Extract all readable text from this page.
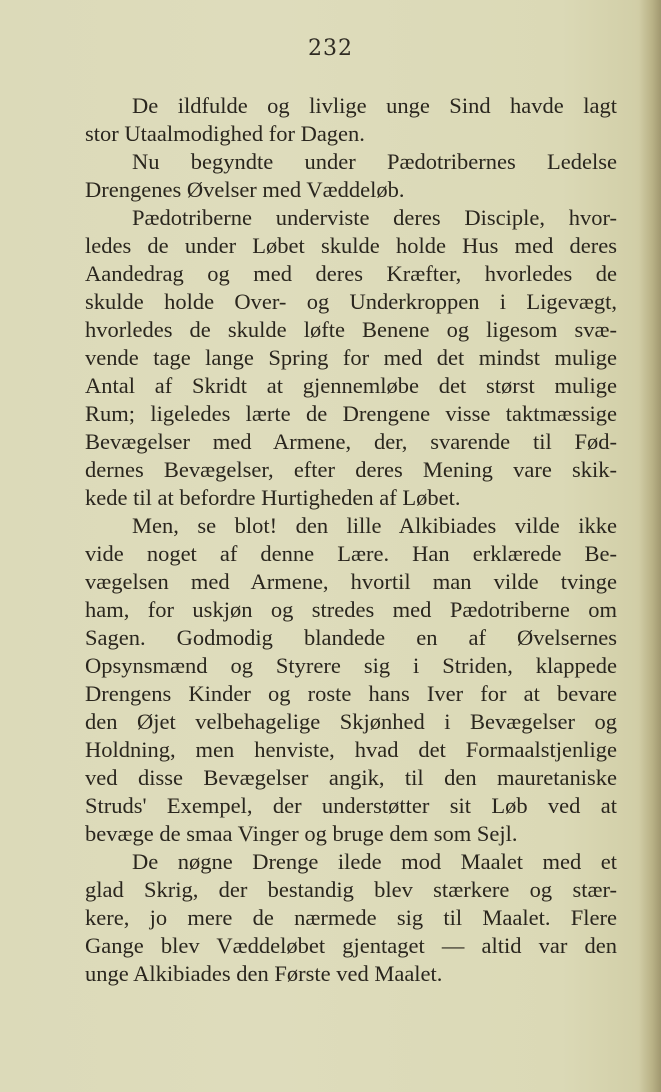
232
De ildfulde og livlige unge Sind havde lagt
stor Utaalmodighed for Dagen.
Nu begyndte under Pædotribernes Ledelse
Drengenes Øvelser med Væddeløb.
Pædotriberne underviste deres Disciple, hvor-
ledes de under Løbet skulde holde Hus med deres
Aandedrag og med deres Kræfter, hvorledes de
skulde holde Over- og Underkroppen i Ligevægt,
hvorledes de skulde løfte Benene og ligesom svæ-
vende tage lange Spring for med det mindst mulige
Antal af Skridt at gjennemløbe det størst mulige
Rum; ligeledes lærte de Drengene visse taktmæssige
Bevægelser med Armene, der, svarende til Fød-
dernes Bevægelser, efter deres Mening vare skik-
kede til at befordre Hurtigheden af Løbet.
Men, se blot! den lille Alkibiades vilde ikke
vide noget af denne Lære. Han erklærede Be-
vægelsen med Armene, hvortil man vilde tvinge
ham, for uskjøn og stredes med Pædotriberne om
Sagen. Godmodig blandede en af Øvelsernes
Opsynsmænd og Styrere sig i Striden, klappede
Drengens Kinder og roste hans Iver for at bevare
den Øjet velbehagelige Skjønhed i Bevægelser og
Holdning, men henviste, hvad det Formaalstjenlige
ved disse Bevægelser angik, til den mauretaniske
Struds' Exempel, der understøtter sit Løb ved at
bevæge de smaa Vinger og bruge dem som Sejl.
De nøgne Drenge ilede mod Maalet med et
glad Skrig, der bestandig blev stærkere og stær-
kere, jo mere de nærmede sig til Maalet. Flere
Gange blev Væddeløbet gjentaget — altid var den
unge Alkibiades den Første ved Maalet.
